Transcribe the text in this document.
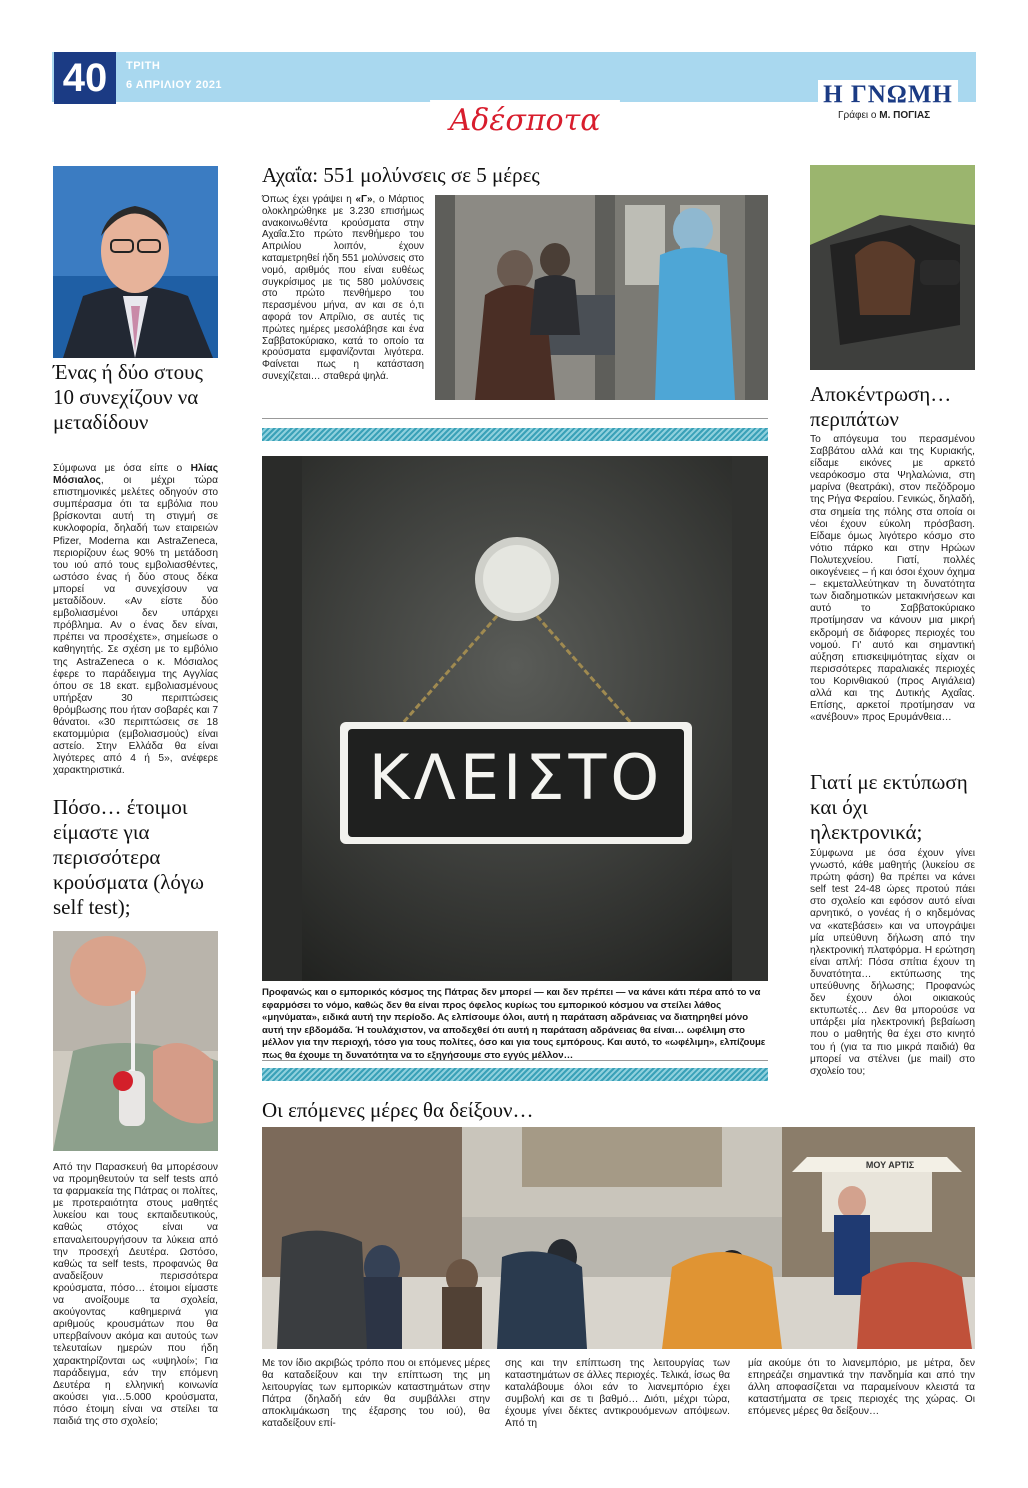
40	ΤΡΙΤΗ
6 ΑΠΡΙΛΙΟΥ 2021	Η ΓΝΩΜΗ
Γράφει ο Μ. ΠΟΓΙΑΣ
Αδέσποτα
Ένας ή δύο στους 10 συνεχίζουν να μεταδίδουν
Σύμφωνα με όσα είπε ο Ηλίας Μόσιαλος, οι μέχρι τώρα επιστημονικές μελέτες οδηγούν στο συμπέρασμα ότι τα εμβόλια που βρίσκονται αυτή τη στιγμή σε κυκλοφορία, δηλαδή των εταιρειών Pfizer, Moderna και AstraZeneca, περιορίζουν έως 90% τη μετάδοση του ιού από τους εμβολιασθέντες, ωστόσο ένας ή δύο στους δέκα μπορεί να συνεχίσουν να μεταδίδουν. «Αν είστε δύο εμβολιασμένοι δεν υπάρχει πρόβλημα. Αν ο ένας δεν είναι, πρέπει να προσέχετε», σημείωσε ο καθηγητής. Σε σχέση με το εμβόλιο της AstraZeneca ο κ. Μόσιαλος έφερε το παράδειγμα της Αγγλίας όπου σε 18 εκατ. εμβολιασμένους υπήρξαν 30 περιπτώσεις θρόμβωσης που ήταν σοβαρές και 7 θάνατοι. «30 περιπτώσεις σε 18 εκατομμύρια (εμβολιασμούς) είναι αστείο. Στην Ελλάδα θα είναι λιγότερες από 4 ή 5», ανέφερε χαρακτηριστικά.
Πόσο… έτοιμοι είμαστε για περισσότερα κρούσματα (λόγω self test);
Από την Παρασκευή θα μπορέσουν να προμηθευτούν τα self tests από τα φαρμακεία της Πάτρας οι πολίτες, με προτεραιότητα στους μαθητές λυκείου και τους εκπαιδευτικούς, καθώς στόχος είναι να επαναλειτουργήσουν τα λύκεια από την προσεχή Δευτέρα. Ωστόσο, καθώς τα self tests, προφανώς θα αναδείξουν περισσότερα κρούσματα, πόσο… έτοιμοι είμαστε να ανοίξουμε τα σχολεία, ακούγοντας καθημερινά για αριθμούς κρουσμάτων που θα υπερβαίνουν ακόμα και αυτούς των τελευταίων ημερών που ήδη χαρακτηρίζονται ως «υψηλοί»; Για παράδειγμα, εάν την επόμενη Δευτέρα η ελληνική κοινωνία ακούσει για…5.000 κρούσματα, πόσο έτοιμη είναι να στείλει τα παιδιά της στο σχολείο;
Αχαΐα: 551 μολύνσεις σε 5 μέρες
Όπως έχει γράψει η «Γ», ο Μάρτιος ολοκληρώθηκε με 3.230 επισήμως ανακοινωθέντα κρούσματα στην Αχαΐα.Στο πρώτο πενθήμερο του Απριλίου λοιπόν, έχουν καταμετρηθεί ήδη 551 μολύνσεις στο νομό, αριθμός που είναι ευθέως συγκρίσιμος με τις 580 μολύνσεις στο πρώτο πενθήμερο του περασμένου μήνα, αν και σε ό,τι αφορά τον Απρίλιο, σε αυτές τις πρώτες ημέρες μεσολάβησε και ένα Σαββατοκύριακο, κατά το οποίο τα κρούσματα εμφανίζονται λιγότερα. Φαίνεται πως η κατάσταση συνεχίζεται… σταθερά ψηλά.
ΚΛΕΙΣΤΟ
Προφανώς και ο εμπορικός κόσμος της Πάτρας δεν μπορεί — και δεν πρέπει — να κάνει κάτι πέρα από το να εφαρμόσει το νόμο, καθώς δεν θα είναι προς όφελος κυρίως του εμπορικού κόσμου να στείλει λάθος «μηνύματα», ειδικά αυτή την περίοδο. Ας ελπίσουμε όλοι, αυτή η παράταση αδράνειας να διατηρηθεί μόνο αυτή την εβδομάδα. Ή τουλάχιστον, να αποδεχθεί ότι αυτή η παράταση αδράνειας θα είναι… ωφέλιμη στο μέλλον για την περιοχή, τόσο για τους πολίτες, όσο και για τους εμπόρους. Και αυτό, το «ωφέλιμη», ελπίζουμε πως θα έχουμε τη δυνατότητα να το εξηγήσουμε στο εγγύς μέλλον…
Αποκέντρωση… περιπάτων
Το απόγευμα του περασμένου Σαββάτου αλλά και της Κυριακής, είδαμε εικόνες με αρκετό νεαρόκοσμο στα Ψηλαλώνια, στη μαρίνα (θεατράκι), στον πεζόδρομο της Ρήγα Φεραίου. Γενικώς, δηλαδή, στα σημεία της πόλης στα οποία οι νέοι έχουν εύκολη πρόσβαση. Είδαμε όμως λιγότερο κόσμο στο νότιο πάρκο και στην Ηρώων Πολυτεχνείου. Γιατί, πολλές οικογένειες – ή και όσοι έχουν όχημα – εκμεταλλεύτηκαν τη δυνατότητα των διαδημοτικών μετακινήσεων και αυτό το Σαββατοκύριακο προτίμησαν να κάνουν μια μικρή εκδρομή σε διάφορες περιοχές του νομού. Γι' αυτό και σημαντική αύξηση επισκεψιμότητας είχαν οι περισσότερες παραλιακές περιοχές του Κορινθιακού (προς Αιγιάλεια) αλλά και της Δυτικής Αχαΐας. Επίσης, αρκετοί προτίμησαν να «ανέβουν» προς Ερυμάνθεια…
Γιατί με εκτύπωση και όχι ηλεκτρονικά;
Σύμφωνα με όσα έχουν γίνει γνωστό, κάθε μαθητής (λυκείου σε πρώτη φάση) θα πρέπει να κάνει self test 24-48 ώρες προτού πάει στο σχολείο και εφόσον αυτό είναι αρνητικό, ο γονέας ή ο κηδεμόνας να «κατεβάσει» και να υπογράψει μία υπεύθυνη δήλωση από την ηλεκτρονική πλατφόρμα. Η ερώτηση είναι απλή: Πόσα σπίτια έχουν τη δυνατότητα… εκτύπωσης της υπεύθυνης δήλωσης; Προφανώς δεν έχουν όλοι οικιακούς εκτυπωτές… Δεν θα μπορούσε να υπάρξει μία ηλεκτρονική βεβαίωση που ο μαθητής θα έχει στο κινητό του ή (για τα πιο μικρά παιδιά) θα μπορεί να στέλνει (με mail) στο σχολείο του;
Οι επόμενες μέρες θα δείξουν…
ΜΟΥ ΑΡΤΙΣ
Με τον ίδιο ακριβώς τρόπο που οι επόμενες μέρες θα καταδείξουν και την επίπτωση της μη λειτουργίας των εμπορικών καταστημάτων στην Πάτρα (δηλαδή εάν θα συμβάλλει στην αποκλιμάκωση της έξαρσης του ιού), θα καταδείξουν επί-
σης και την επίπτωση της λειτουργίας των καταστημάτων σε άλλες περιοχές. Τελικά, ίσως θα καταλάβουμε όλοι εάν το λιανεμπόριο έχει συμβολή και σε τι βαθμό… Διότι, μέχρι τώρα, έχουμε γίνει δέκτες αντικρουόμενων απόψεων. Από τη
μία ακούμε ότι το λιανεμπόριο, με μέτρα, δεν επηρεάζει σημαντικά την πανδημία και από την άλλη αποφασίζεται να παραμείνουν κλειστά τα καταστήματα σε τρεις περιοχές της χώρας. Οι επόμενες μέρες θα δείξουν…
